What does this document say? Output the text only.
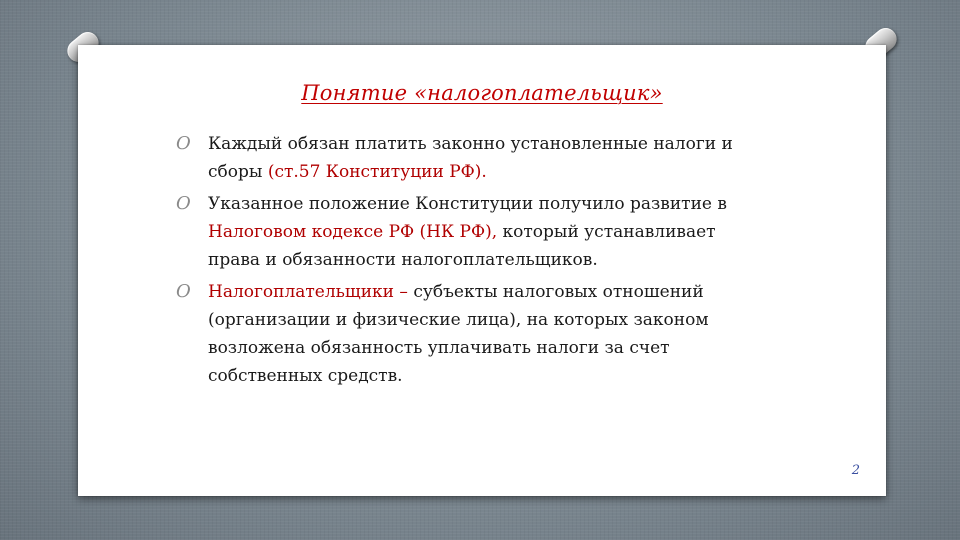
Понятие «налогоплательщик»
O Каждый обязан платить законно установленные налоги и сборы (ст.57 Конституции РФ).
O Указанное положение Конституции получило развитие в Налоговом кодексе РФ (НК РФ), который устанавливает права и обязанности налогоплательщиков.
O Налогоплательщики – субъекты налоговых отношений (организации и физические лица), на которых законом возложена обязанность уплачивать налоги за счет собственных средств.
2
